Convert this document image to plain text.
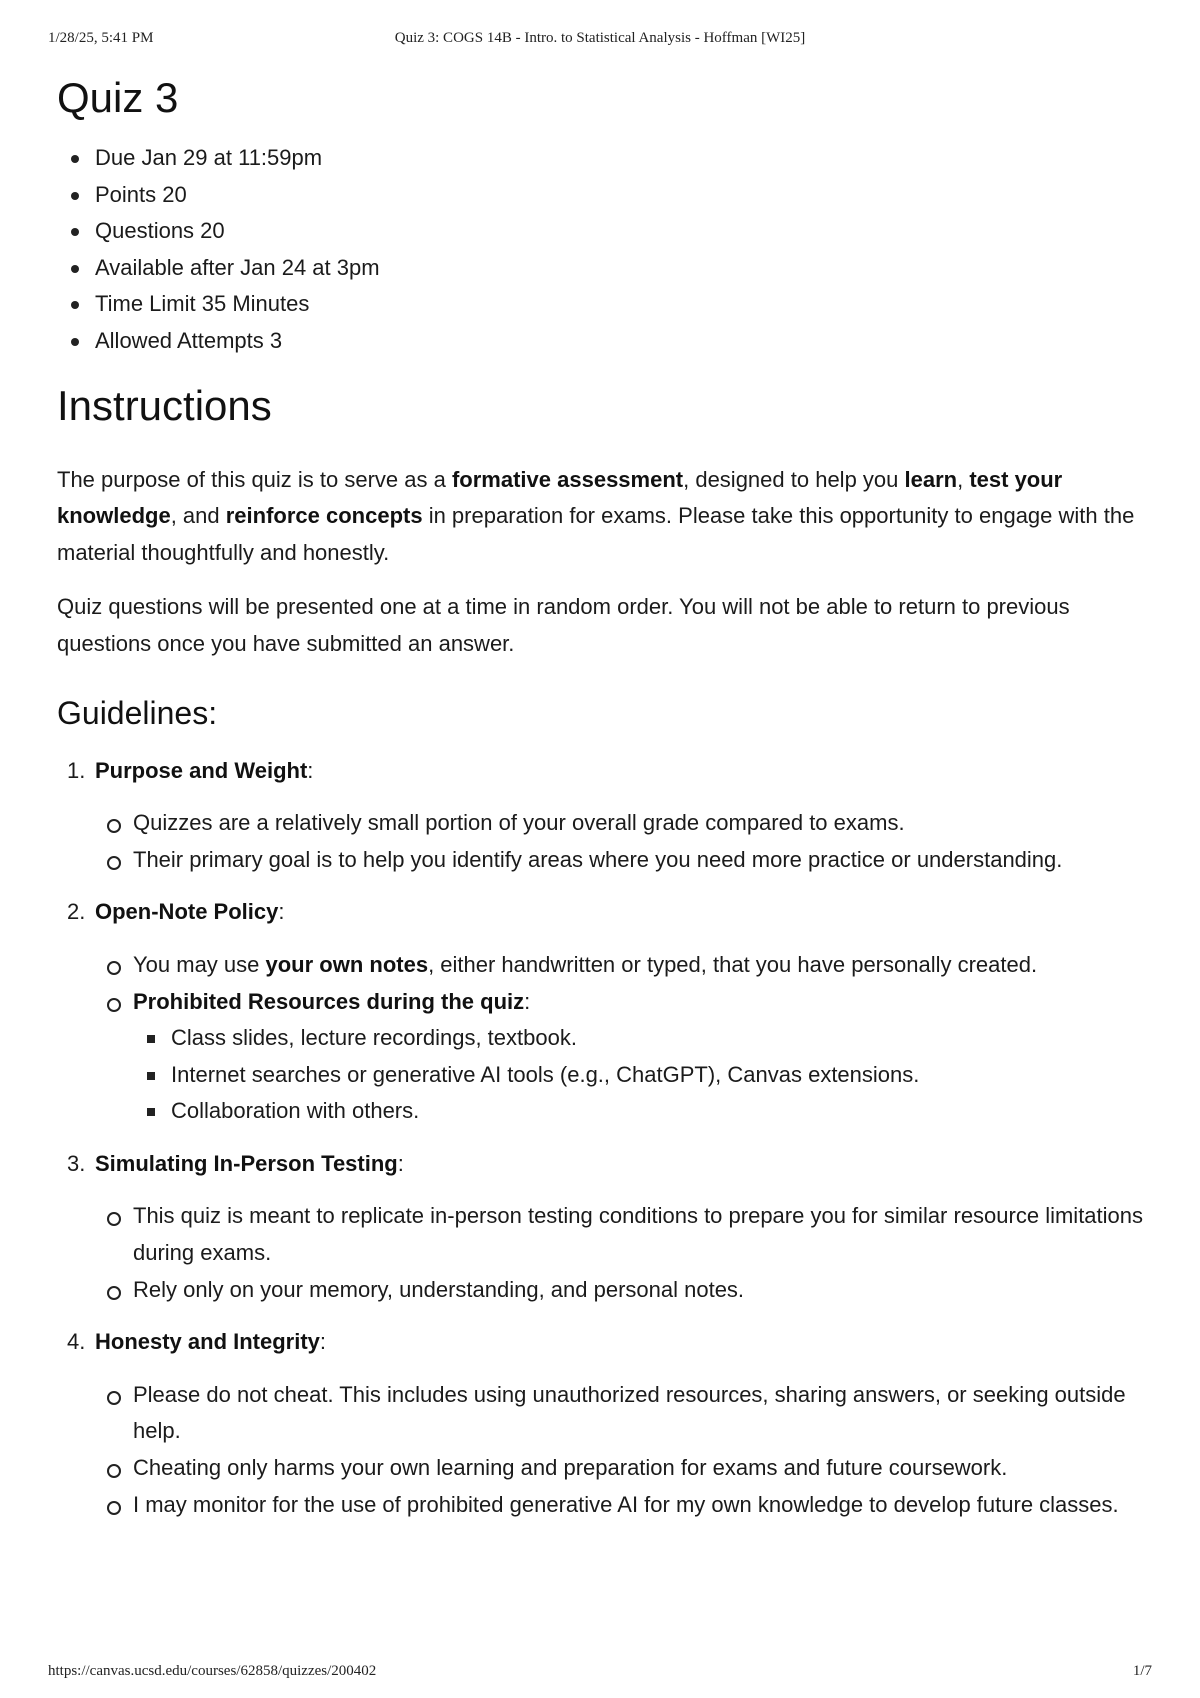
1/28/25, 5:41 PM	Quiz 3: COGS 14B - Intro. to Statistical Analysis - Hoffman [WI25]
Quiz 3
Due Jan 29 at 11:59pm
Points 20
Questions 20
Available after Jan 24 at 3pm
Time Limit 35 Minutes
Allowed Attempts 3
Instructions

The purpose of this quiz is to serve as a formative assessment, designed to help you learn, test your knowledge, and reinforce concepts in preparation for exams. Please take this opportunity to engage with the material thoughtfully and honestly.

Quiz questions will be presented one at a time in random order. You will not be able to return to previous questions once you have submitted an answer.

Guidelines:
1. Purpose and Weight:
Quizzes are a relatively small portion of your overall grade compared to exams.
Their primary goal is to help you identify areas where you need more practice or understanding.
2. Open-Note Policy:
You may use your own notes, either handwritten or typed, that you have personally created.
Prohibited Resources during the quiz:
Class slides, lecture recordings, textbook.
Internet searches or generative AI tools (e.g., ChatGPT), Canvas extensions.
Collaboration with others.
3. Simulating In-Person Testing:
This quiz is meant to replicate in-person testing conditions to prepare you for similar resource limitations during exams.
Rely only on your memory, understanding, and personal notes.
4. Honesty and Integrity:
Please do not cheat. This includes using unauthorized resources, sharing answers, or seeking outside help.
Cheating only harms your own learning and preparation for exams and future coursework.
I may monitor for the use of prohibited generative AI for my own knowledge to develop future classes.
https://canvas.ucsd.edu/courses/62858/quizzes/200402	1/7
